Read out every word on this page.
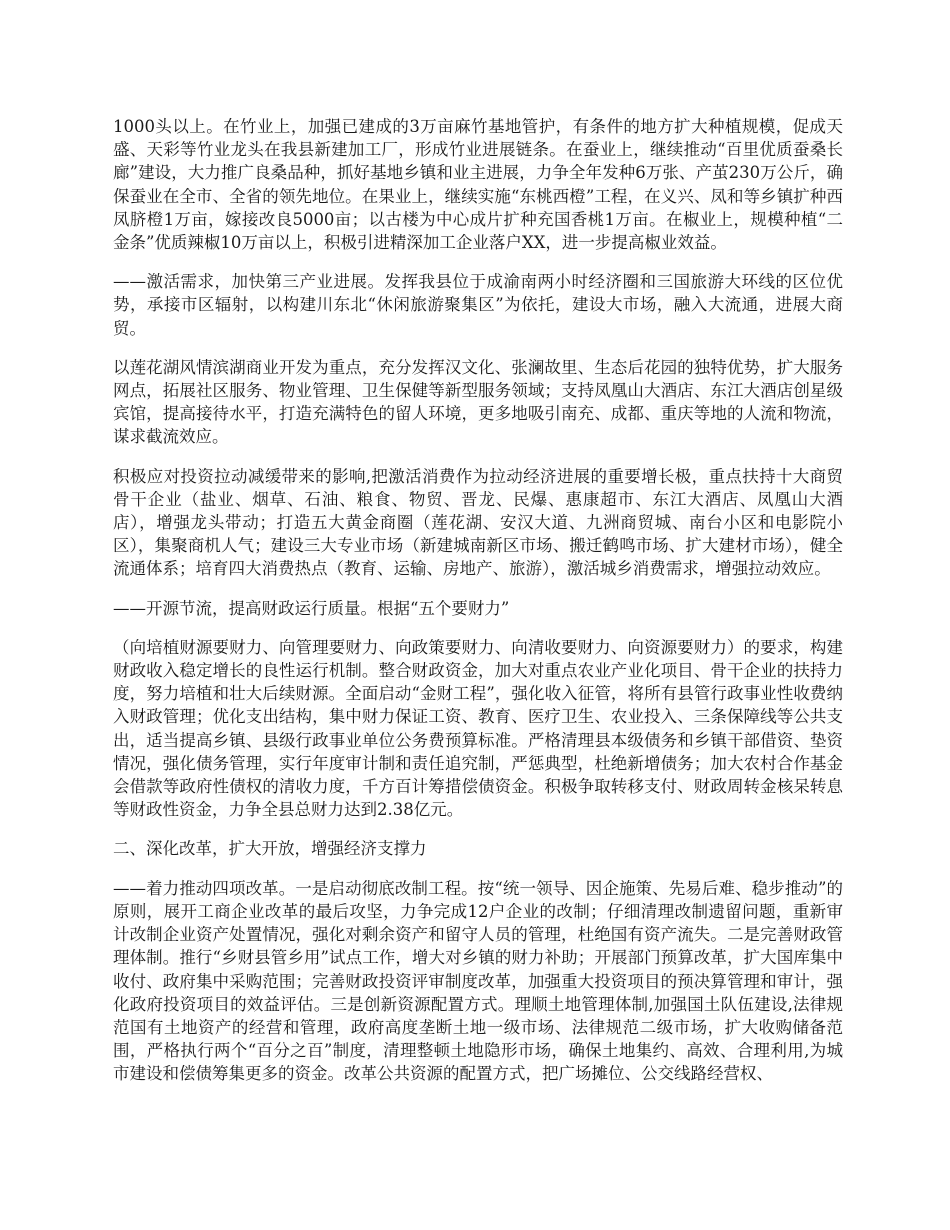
1000头以上。在竹业上，加强已建成的3万亩麻竹基地管护，有条件的地方扩大种植规模，促成天盛、天彩等竹业龙头在我县新建加工厂，形成竹业进展链条。在蚕业上，继续推动“百里优质蚕桑长廊”建设，大力推广良桑品种，抓好基地乡镇和业主进展，力争全年发种6万张、产茧230万公斤，确保蚕业在全市、全省的领先地位。在果业上，继续实施“东桃西橙”工程，在义兴、凤和等乡镇扩种西凤脐橙1万亩，嫁接改良5000亩；以古楼为中心成片扩种充国香桃1万亩。在椒业上，规模种植“二金条”优质辣椒10万亩以上，积极引进精深加工企业落户XX，进一步提高椒业效益。

——激活需求，加快第三产业进展。发挥我县位于成渝南两小时经济圈和三国旅游大环线的区位优势，承接市区辐射，以构建川东北“休闲旅游聚集区”为依托，建设大市场，融入大流通，进展大商贸。

以莲花湖风情滨湖商业开发为重点，充分发挥汉文化、张澜故里、生态后花园的独特优势，扩大服务网点，拓展社区服务、物业管理、卫生保健等新型服务领域；支持凤凰山大酒店、东江大酒店创星级宾馆，提高接待水平，打造充满特色的留人环境，更多地吸引南充、成都、重庆等地的人流和物流，谋求截流效应。

积极应对投资拉动减缓带来的影响,把激活消费作为拉动经济进展的重要增长极，重点扶持十大商贸骨干企业（盐业、烟草、石油、粮食、物贸、晋龙、民爆、惠康超市、东江大酒店、凤凰山大酒店），增强龙头带动；打造五大黄金商圈（莲花湖、安汉大道、九洲商贸城、南台小区和电影院小区），集聚商机人气；建设三大专业市场（新建城南新区市场、搬迁鹤鸣市场、扩大建材市场），健全流通体系；培育四大消费热点（教育、运输、房地产、旅游），激活城乡消费需求，增强拉动效应。

——开源节流，提高财政运行质量。根据“五个要财力”

（向培植财源要财力、向管理要财力、向政策要财力、向清收要财力、向资源要财力）的要求，构建财政收入稳定增长的良性运行机制。整合财政资金，加大对重点农业产业化项目、骨干企业的扶持力度，努力培植和壮大后续财源。全面启动“金财工程”，强化收入征管，将所有县管行政事业性收费纳入财政管理；优化支出结构，集中财力保证工资、教育、医疗卫生、农业投入、三条保障线等公共支出，适当提高乡镇、县级行政事业单位公务费预算标准。严格清理县本级债务和乡镇干部借资、垫资情况，强化债务管理，实行年度审计制和责任追究制，严惩典型，杜绝新增债务；加大农村合作基金会借款等政府性债权的清收力度，千方百计筹措偿债资金。积极争取转移支付、财政周转金核呆转息等财政性资金，力争全县总财力达到2.38亿元。

二、深化改革，扩大开放，增强经济支撑力

——着力推动四项改革。一是启动彻底改制工程。按“统一领导、因企施策、先易后难、稳步推动”的原则，展开工商企业改革的最后攻坚，力争完成12户企业的改制；仔细清理改制遗留问题，重新审计改制企业资产处置情况，强化对剩余资产和留守人员的管理，杜绝国有资产流失。二是完善财政管理体制。推行“乡财县管乡用”试点工作，增大对乡镇的财力补助；开展部门预算改革，扩大国库集中收付、政府集中采购范围；完善财政投资评审制度改革，加强重大投资项目的预决算管理和审计，强化政府投资项目的效益评估。三是创新资源配置方式。理顺土地管理体制,加强国土队伍建设,法律规范国有土地资产的经营和管理，政府高度垄断土地一级市场、法律规范二级市场，扩大收购储备范围，严格执行两个“百分之百”制度，清理整顿土地隐形市场，确保土地集约、高效、合理利用,为城市建设和偿债筹集更多的资金。改革公共资源的配置方式，把广场摊位、公交线路经营权、
